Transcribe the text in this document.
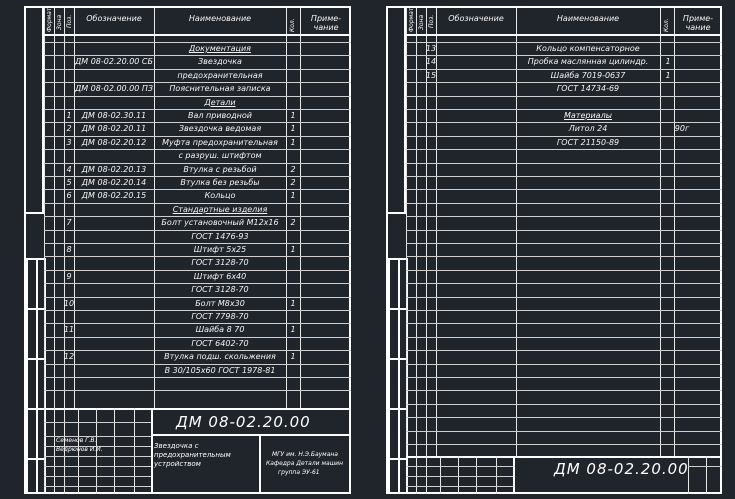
Формат Зона Поз. Обозначение	Наименование	Кол. Приме-
чание
Документация
ДМ 08-02.20.00 СБ	Звездочка
предохранительная
ДМ 08-02.00.00 ПЗ Пояснительная записка
Детали
1 ДМ 08-02.30.11	Вал приводной	1
2 ДМ 08-02.20.11	Звездочка ведомая	1
3 ДМ 08-02.20.12 Муфта предохранительная 1
с разруш. штифтом
4 ДМ 08-02.20.13	Втулка с резьбой	2
5 ДМ 08-02.20.14	Втулка без резьбы	2
6 ДМ 08-02.20.15	Кольцо	1
Стандартные изделия
7	Болт установочный М12х16 2
ГОСТ 1476-93
8	Штифт 5х25	1
ГОСТ 3128-70
9	Штифт 6х40
ГОСТ 3128-70
10	Болт М8х30	1
ГОСТ 7798-70
11	Шайба 8 70	1
ГОСТ 6402-70
12	Втулка подш. скольжения 1
В 30/105х60 ГОСТ 1978-81
ДМ 08-02.20.00
Звездочка с предохранительным устройством
МГУ им. Н.Э.Баумана
Кафедра Детали машин
группа ЭУ-61
Семенов Г.В.
Ведрюнов И.И.
Формат Зона Поз. Обозначение	Наименование	Кол. Приме-
чание
13	Кольцо компенсаторное
14	Пробка маслянная цилиндр. 1
15	Шайба 7019-0637	1
ГОСТ 14734-69
Материалы
Литол 24	90г
ГОСТ 21150-89
ДМ 08-02.20.00
